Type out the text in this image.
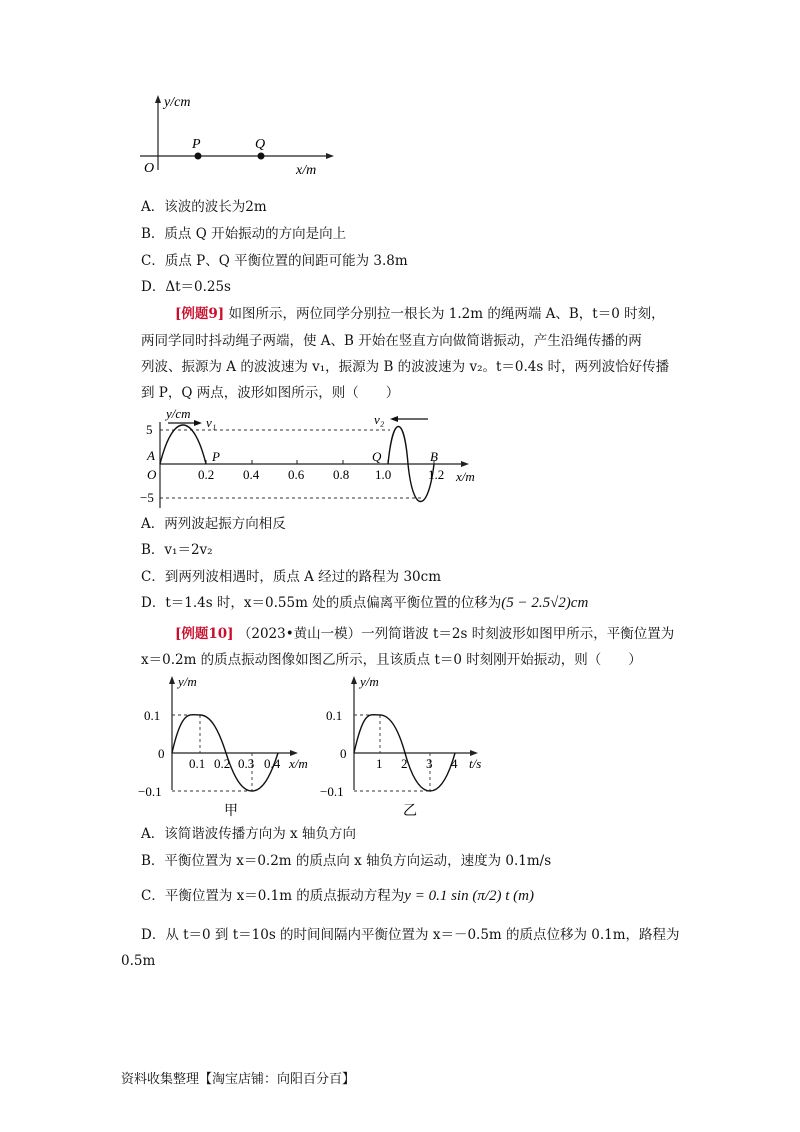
y/cm
O
P	Q
x/m
A．该波的波长为2m
B．质点 Q 开始振动的方向是向上
C．质点 P、Q 平衡位置的间距可能为 3.8m
D．Δt＝0.25s
[例题9] 如图所示，两位同学分别拉一根长为 1.2m 的绳两端 A、B，t＝0 时刻，
两同学同时抖动绳子两端，使 A、B 开始在竖直方向做简谐振动，产生沿绳传播的两
列波、振源为 A 的波波速为 v₁，振源为 B 的波波速为 v₂。t＝0.4s 时，两列波恰好传播
到 P，Q 两点，波形如图所示，则（　　）
y/cm
v₁	v₂
5
−5
A
O
P	Q	B
0.2 0.4 0.6 0.8 1.0	1.2 x/m
A．两列波起振方向相反
B．v₁＝2v₂
C．到两列波相遇时，质点 A 经过的路程为 30cm
D．t＝1.4s 时，x＝0.55m 处的质点偏离平衡位置的位移为(5 − 2.5√2)cm
[例题10] （2023•黄山一模）一列简谐波 t＝2s 时刻波形如图甲所示，平衡位置为
x＝0.2m 的质点振动图像如图乙所示，且该质点 t＝0 时刻刚开始振动，则（　　）
y/m
0.1
0
−0.1
0.1 0.2 0.3 0.4 x/m
甲
y/m
0.1
0
−0.1
1 2 3 4 t/s
乙
A．该简谐波传播方向为 x 轴负方向
B．平衡位置为 x＝0.2m 的质点向 x 轴负方向运动，速度为 0.1m/s
C．平衡位置为 x＝0.1m 的质点振动方程为y = 0.1 sin (π/2) t (m)
D．从 t＝0 到 t＝10s 的时间间隔内平衡位置为 x＝－0.5m 的质点位移为 0.1m，路程为
0.5m
资料收集整理【淘宝店铺：向阳百分百】
